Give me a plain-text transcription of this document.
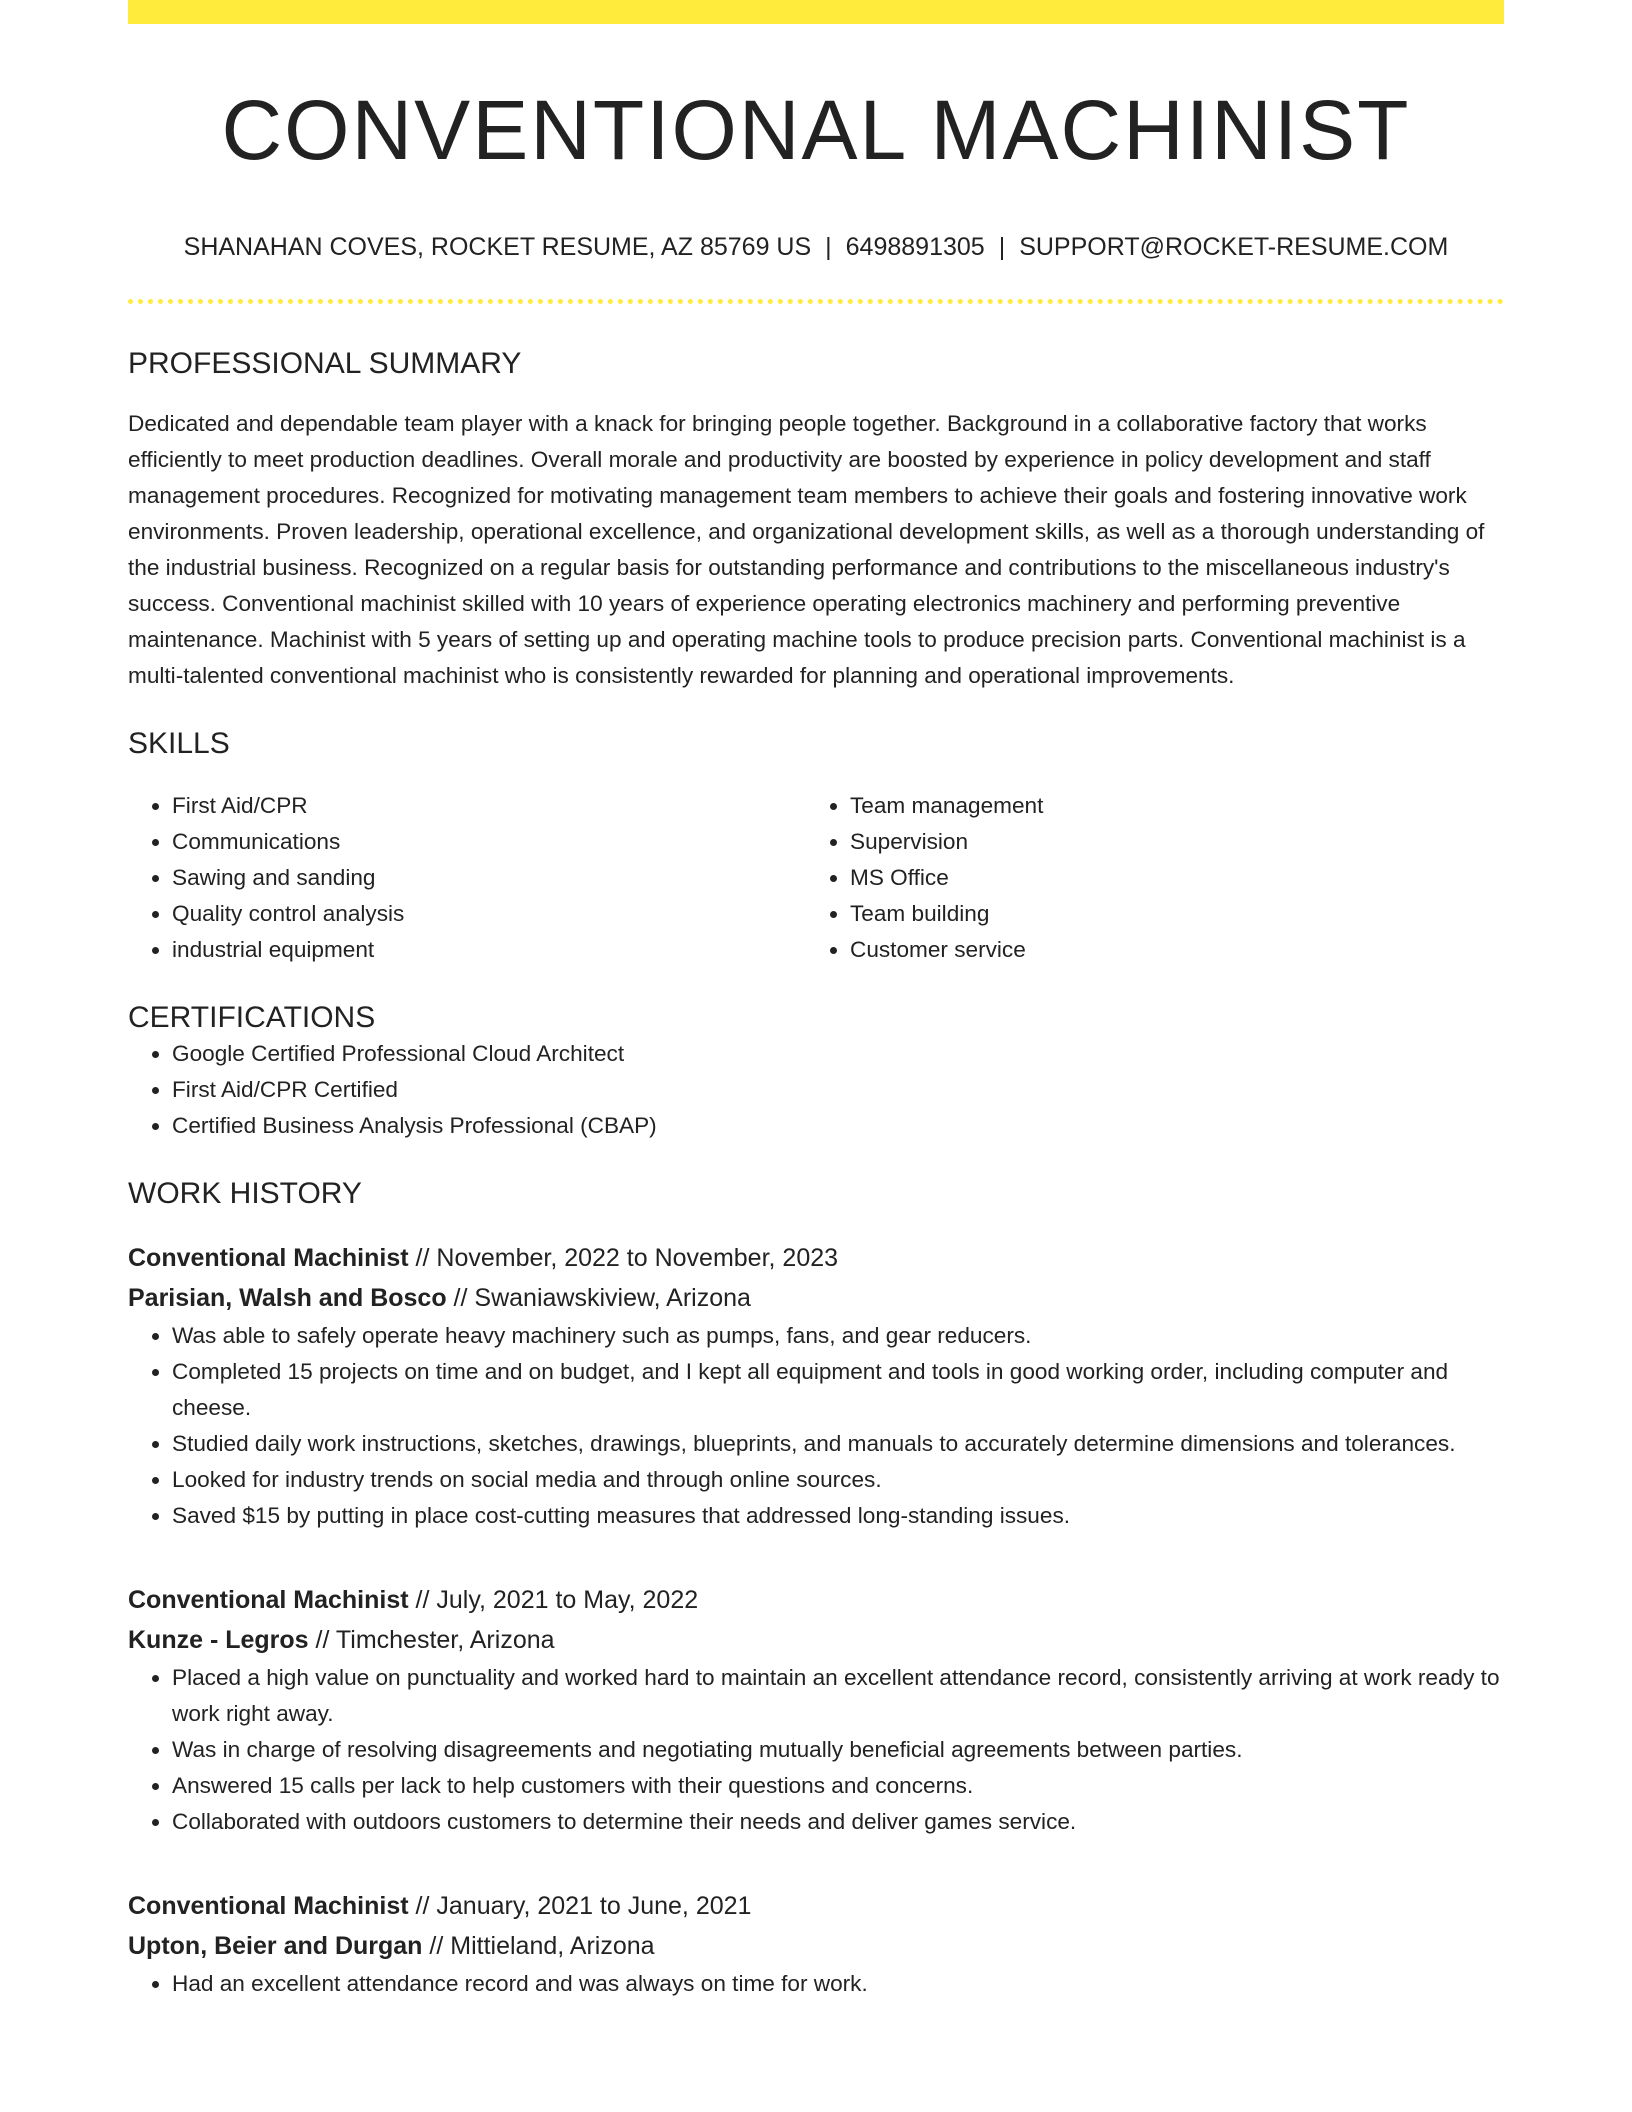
CONVENTIONAL MACHINIST
SHANAHAN COVES, ROCKET RESUME, AZ 85769 US | 6498891305 | SUPPORT@ROCKET-RESUME.COM
PROFESSIONAL SUMMARY

Dedicated and dependable team player with a knack for bringing people together. Background in a collaborative factory that works efficiently to meet production deadlines. Overall morale and productivity are boosted by experience in policy development and staff management procedures. Recognized for motivating management team members to achieve their goals and fostering innovative work environments. Proven leadership, operational excellence, and organizational development skills, as well as a thorough understanding of the industrial business. Recognized on a regular basis for outstanding performance and contributions to the miscellaneous industry's success. Conventional machinist skilled with 10 years of experience operating electronics machinery and performing preventive maintenance. Machinist with 5 years of setting up and operating machine tools to produce precision parts. Conventional machinist is a multi-talented conventional machinist who is consistently rewarded for planning and operational improvements.

SKILLS
• First Aid/CPR
• Communications
• Sawing and sanding
• Quality control analysis
• industrial equipment
• Team management
• Supervision
• MS Office
• Team building
• Customer service
CERTIFICATIONS
• Google Certified Professional Cloud Architect
• First Aid/CPR Certified
• Certified Business Analysis Professional (CBAP)
WORK HISTORY
Conventional Machinist // November, 2022 to November, 2023
Parisian, Walsh and Bosco // Swaniawskiview, Arizona
• Was able to safely operate heavy machinery such as pumps, fans, and gear reducers.
• Completed 15 projects on time and on budget, and I kept all equipment and tools in good working order, including computer and cheese.
• Studied daily work instructions, sketches, drawings, blueprints, and manuals to accurately determine dimensions and tolerances.
• Looked for industry trends on social media and through online sources.
• Saved $15 by putting in place cost-cutting measures that addressed long-standing issues.
Conventional Machinist // July, 2021 to May, 2022
Kunze - Legros // Timchester, Arizona
• Placed a high value on punctuality and worked hard to maintain an excellent attendance record, consistently arriving at work ready to work right away.
• Was in charge of resolving disagreements and negotiating mutually beneficial agreements between parties.
• Answered 15 calls per lack to help customers with their questions and concerns.
• Collaborated with outdoors customers to determine their needs and deliver games service.
Conventional Machinist // January, 2021 to June, 2021
Upton, Beier and Durgan // Mittieland, Arizona
• Had an excellent attendance record and was always on time for work.
